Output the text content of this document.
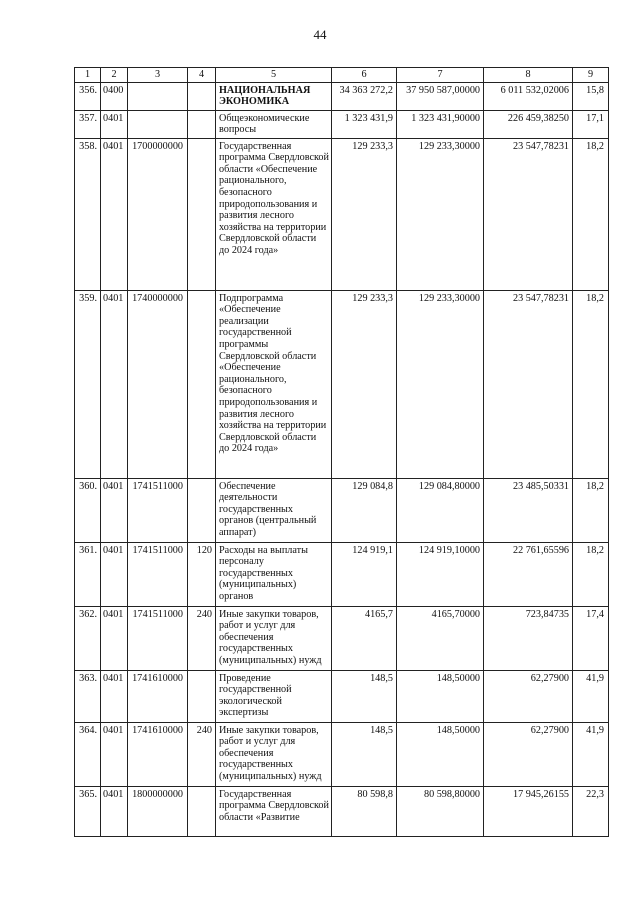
44
1	2	3	4	5	6	7	8	9
356.	0400			НАЦИОНАЛЬНАЯ ЭКОНОМИКА	34 363 272,2	37 950 587,00000	6 011 532,02006	15,8
357.	0401			Общеэкономические вопросы	1 323 431,9	1 323 431,90000	226 459,38250	17,1
358.	0401	1700000000		Государственная программа Свердловской области «Обеспечение рационального, безопасного природопользования и развития лесного хозяйства на территории Свердловской области до 2024 года»	129 233,3	129 233,30000	23 547,78231	18,2
359.	0401	1740000000		Подпрограмма «Обеспечение реализации государственной программы Свердловской области «Обеспечение рационального, безопасного природопользования и развития лесного хозяйства на территории Свердловской области до 2024 года»	129 233,3	129 233,30000	23 547,78231	18,2
360.	0401	1741511000		Обеспечение деятельности государственных органов (центральный аппарат)	129 084,8	129 084,80000	23 485,50331	18,2
361.	0401	1741511000	120	Расходы на выплаты персоналу государственных (муниципальных) органов	124 919,1	124 919,10000	22 761,65596	18,2
362.	0401	1741511000	240	Иные закупки товаров, работ и услуг для обеспечения государственных (муниципальных) нужд	4165,7	4165,70000	723,84735	17,4
363.	0401	1741610000		Проведение государственной экологической экспертизы	148,5	148,50000	62,27900	41,9
364.	0401	1741610000	240	Иные закупки товаров, работ и услуг для обеспечения государственных (муниципальных) нужд	148,5	148,50000	62,27900	41,9
365.	0401	1800000000		Государственная программа Свердловской области «Развитие	80 598,8	80 598,80000	17 945,26155	22,3
